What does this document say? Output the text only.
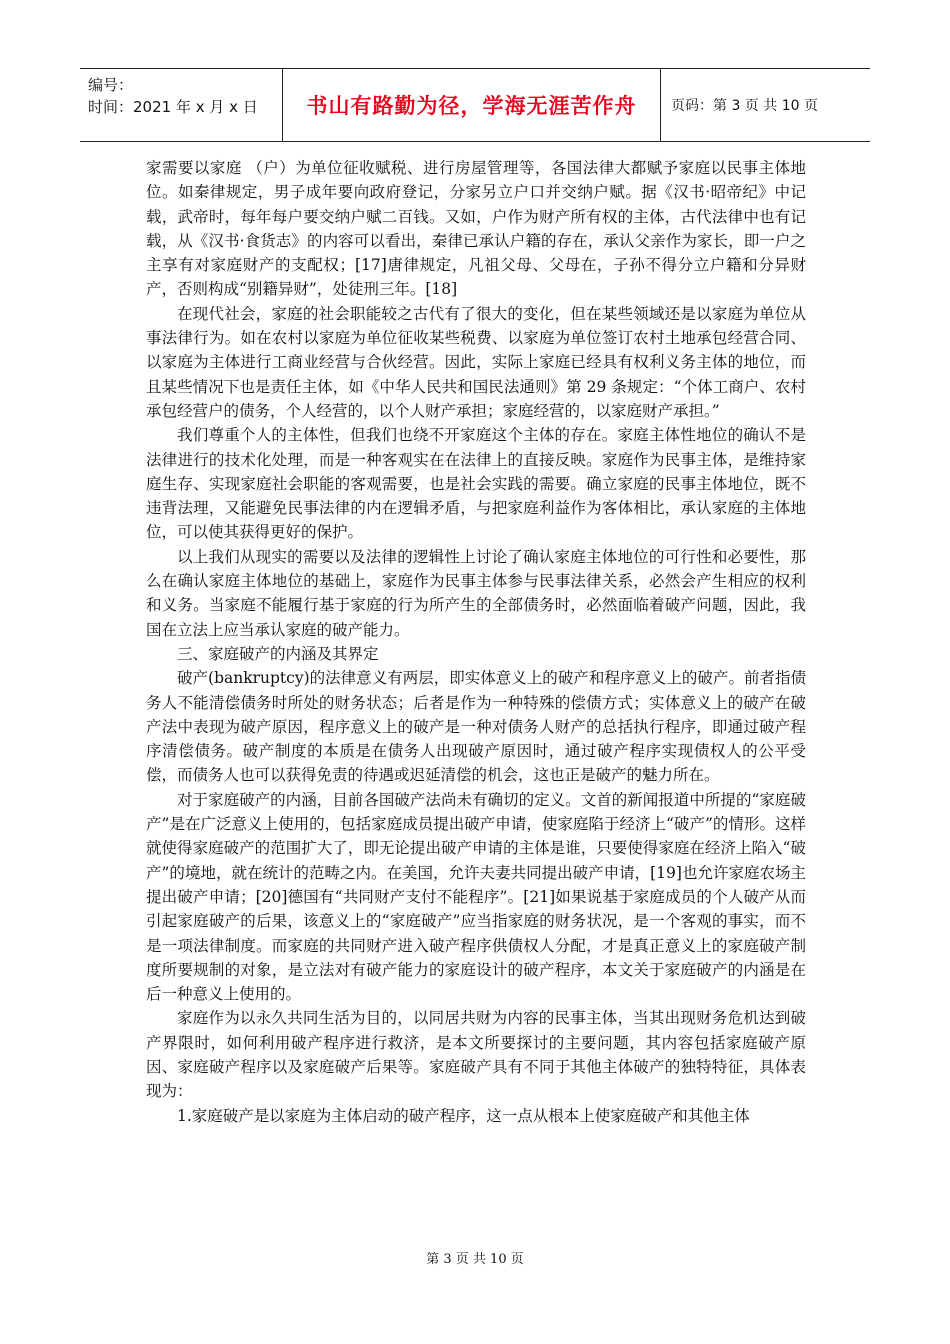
编号：
时间：2021 年 x 月 x 日	书山有路勤为径，学海无涯苦作舟	页码：第 3 页 共 10 页

家需要以家庭 （户）为单位征收赋税、进行房屋管理等，各国法律大都赋予家庭以民事主体地位。如秦律规定，男子成年要向政府登记，分家另立户口并交纳户赋。据《汉书·昭帝纪》中记载，武帝时，每年每户要交纳户赋二百钱。又如，户作为财产所有权的主体，古代法律中也有记载，从《汉书·食货志》的内容可以看出，秦律已承认户籍的存在，承认父亲作为家长，即一户之主享有对家庭财产的支配权；[17]唐律规定，凡祖父母、父母在，子孙不得分立户籍和分异财产，否则构成“别籍异财”，处徒刑三年。[18]

在现代社会，家庭的社会职能较之古代有了很大的变化，但在某些领域还是以家庭为单位从事法律行为。如在农村以家庭为单位征收某些税费、以家庭为单位签订农村土地承包经营合同、以家庭为主体进行工商业经营与合伙经营。因此，实际上家庭已经具有权利义务主体的地位，而且某些情况下也是责任主体，如《中华人民共和国民法通则》第 29 条规定：“个体工商户、农村承包经营户的债务，个人经营的，以个人财产承担；家庭经营的，以家庭财产承担。”

我们尊重个人的主体性，但我们也绕不开家庭这个主体的存在。家庭主体性地位的确认不是法律进行的技术化处理，而是一种客观实在在法律上的直接反映。家庭作为民事主体，是维持家庭生存、实现家庭社会职能的客观需要，也是社会实践的需要。确立家庭的民事主体地位，既不违背法理，又能避免民事法律的内在逻辑矛盾，与把家庭利益作为客体相比，承认家庭的主体地位，可以使其获得更好的保护。

以上我们从现实的需要以及法律的逻辑性上讨论了确认家庭主体地位的可行性和必要性，那么在确认家庭主体地位的基础上，家庭作为民事主体参与民事法律关系，必然会产生相应的权利和义务。当家庭不能履行基于家庭的行为所产生的全部债务时，必然面临着破产问题，因此，我国在立法上应当承认家庭的破产能力。

三、家庭破产的内涵及其界定

破产(bankruptcy)的法律意义有两层，即实体意义上的破产和程序意义上的破产。前者指债务人不能清偿债务时所处的财务状态；后者是作为一种特殊的偿债方式；实体意义上的破产在破产法中表现为破产原因，程序意义上的破产是一种对债务人财产的总括执行程序，即通过破产程序清偿债务。破产制度的本质是在债务人出现破产原因时，通过破产程序实现债权人的公平受偿，而债务人也可以获得免责的待遇或迟延清偿的机会，这也正是破产的魅力所在。

对于家庭破产的内涵，目前各国破产法尚未有确切的定义。文首的新闻报道中所提的“家庭破产”是在广泛意义上使用的，包括家庭成员提出破产申请，使家庭陷于经济上“破产”的情形。这样就使得家庭破产的范围扩大了，即无论提出破产申请的主体是谁，只要使得家庭在经济上陷入“破产”的境地，就在统计的范畴之内。在美国，允许夫妻共同提出破产申请，[19]也允许家庭农场主提出破产申请；[20]德国有“共同财产支付不能程序”。[21]如果说基于家庭成员的个人破产从而引起家庭破产的后果，该意义上的“家庭破产”应当指家庭的财务状况，是一个客观的事实，而不是一项法律制度。而家庭的共同财产进入破产程序供债权人分配，才是真正意义上的家庭破产制度所要规制的对象，是立法对有破产能力的家庭设计的破产程序，本文关于家庭破产的内涵是在后一种意义上使用的。

家庭作为以永久共同生活为目的，以同居共财为内容的民事主体，当其出现财务危机达到破产界限时，如何利用破产程序进行救济，是本文所要探讨的主要问题，其内容包括家庭破产原因、家庭破产程序以及家庭破产后果等。家庭破产具有不同于其他主体破产的独特特征，具体表现为：

1.家庭破产是以家庭为主体启动的破产程序，这一点从根本上使家庭破产和其他主体

第 3 页 共 10 页
